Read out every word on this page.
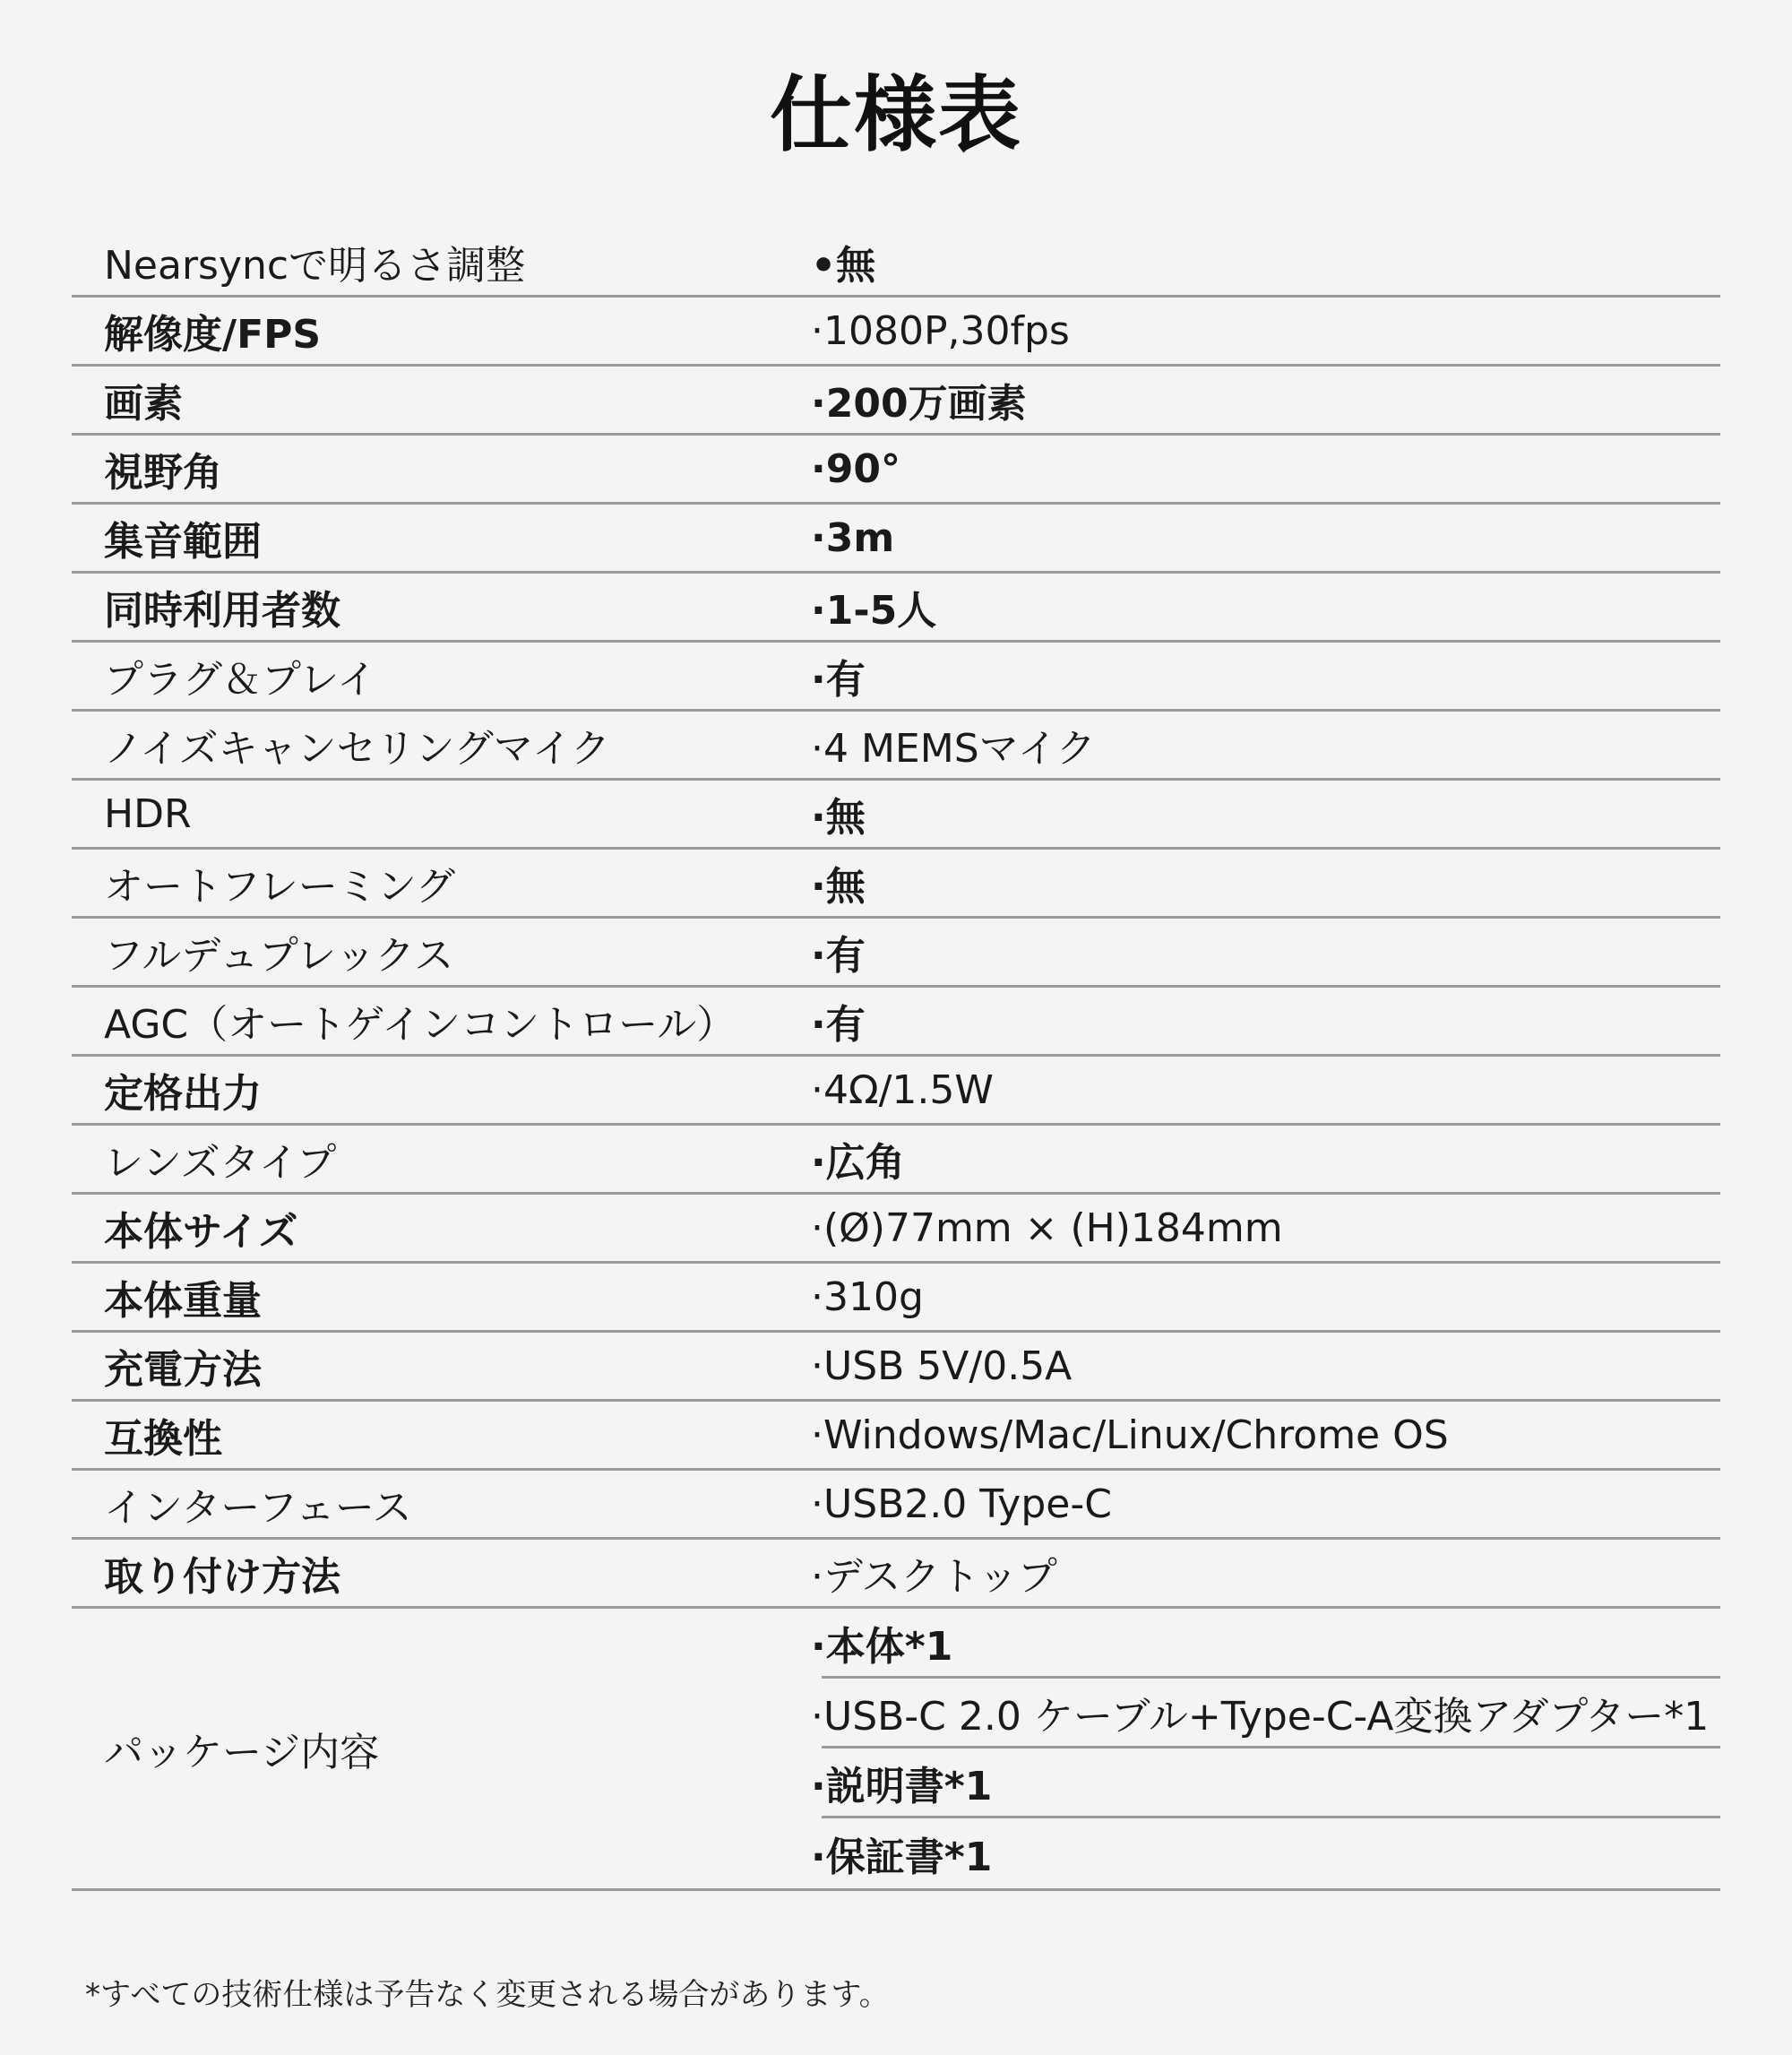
仕様表
Nearsyncで明るさ調整	•無
解像度/FPS	·1080P,30fps
画素	·200万画素
視野角	·90°
集音範囲	·3m
同時利用者数	·1-5人
プラグ＆プレイ	·有
ノイズキャンセリングマイク	·4 MEMSマイク
HDR	·無
オートフレーミング	·無
フルデュプレックス	·有
AGC（オートゲインコントロール）	·有
定格出力	·4Ω/1.5W
レンズタイプ	·広角
本体サイズ	·(Ø)77mm × (H)184mm
本体重量	·310g
充電方法	·USB 5V/0.5A
互換性	·Windows/Mac/Linux/Chrome OS
インターフェース	·USB2.0 Type-C
取り付け方法	·デスクトップ
パッケージ内容
·本体*1
·USB-C 2.0 ケーブル+Type-C-A変換アダプター*1
·説明書*1
·保証書*1
*すべての技術仕様は予告なく変更される場合があります。
